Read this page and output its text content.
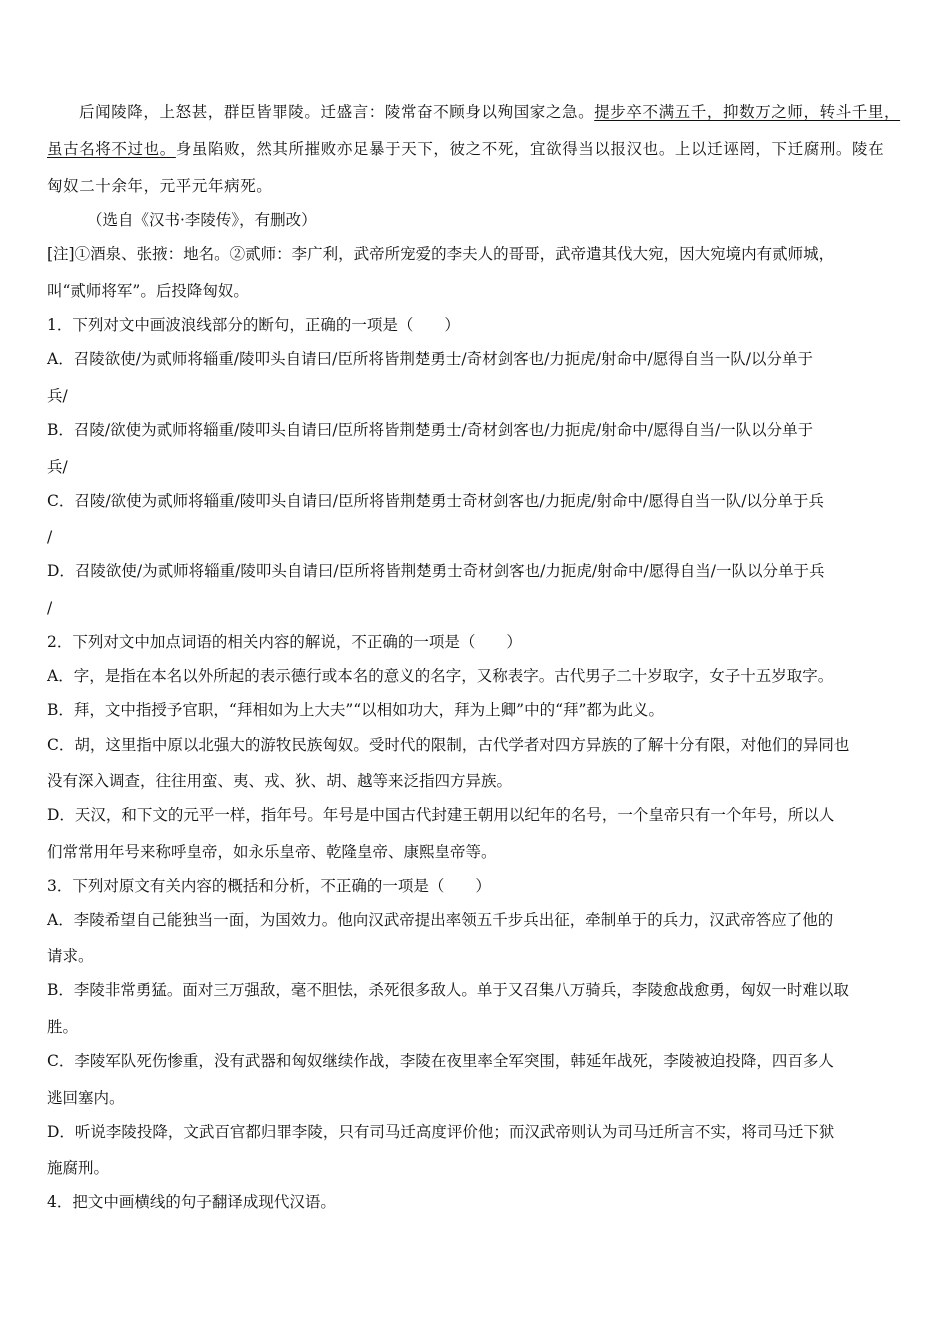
后闻陵降，上怒甚，群臣皆罪陵。迁盛言：陵常奋不顾身以殉国家之急。提步卒不满五千，抑数万之师，转斗千里，
虽古名将不过也。身虽陷败，然其所摧败亦足暴于天下，彼之不死，宜欲得当以报汉也。上以迁诬罔，下迁腐刑。陵在
匈奴二十余年，元平元年病死。
（选自《汉书·李陵传》，有删改）
[注]①酒泉、张掖：地名。②贰师：李广利，武帝所宠爱的李夫人的哥哥，武帝遣其伐大宛，因大宛境内有贰师城，
叫“贰师将军”。后投降匈奴。
1．下列对文中画波浪线部分的断句，正确的一项是（　　）
A．召陵欲使/为贰师将辎重/陵叩头自请曰/臣所将皆荆楚勇士/奇材剑客也/力扼虎/射命中/愿得自当一队/以分单于
兵/
B．召陵/欲使为贰师将辎重/陵叩头自请曰/臣所将皆荆楚勇士/奇材剑客也/力扼虎/射命中/愿得自当/一队以分单于
兵/
C．召陵/欲使为贰师将辎重/陵叩头自请曰/臣所将皆荆楚勇士奇材剑客也/力扼虎/射命中/愿得自当一队/以分单于兵
/
D．召陵欲使/为贰师将辎重/陵叩头自请曰/臣所将皆荆楚勇士奇材剑客也/力扼虎/射命中/愿得自当/一队以分单于兵
/
2．下列对文中加点词语的相关内容的解说，不正确的一项是（　　）
A．字，是指在本名以外所起的表示德行或本名的意义的名字，又称表字。古代男子二十岁取字，女子十五岁取字。
B．拜，文中指授予官职，“拜相如为上大夫”“以相如功大，拜为上卿”中的“拜”都为此义。
C．胡，这里指中原以北强大的游牧民族匈奴。受时代的限制，古代学者对四方异族的了解十分有限，对他们的异同也
没有深入调查，往往用蛮、夷、戎、狄、胡、越等来泛指四方异族。
D．天汉，和下文的元平一样，指年号。年号是中国古代封建王朝用以纪年的名号，一个皇帝只有一个年号，所以人
们常常用年号来称呼皇帝，如永乐皇帝、乾隆皇帝、康熙皇帝等。
3．下列对原文有关内容的概括和分析，不正确的一项是（　　）
A．李陵希望自己能独当一面，为国效力。他向汉武帝提出率领五千步兵出征，牵制单于的兵力，汉武帝答应了他的
请求。
B．李陵非常勇猛。面对三万强敌，毫不胆怯，杀死很多敌人。单于又召集八万骑兵，李陵愈战愈勇，匈奴一时难以取
胜。
C．李陵军队死伤惨重，没有武器和匈奴继续作战，李陵在夜里率全军突围，韩延年战死，李陵被迫投降，四百多人
逃回塞内。
D．听说李陵投降，文武百官都归罪李陵，只有司马迁高度评价他；而汉武帝则认为司马迁所言不实，将司马迁下狱
施腐刑。
4．把文中画横线的句子翻译成现代汉语。
